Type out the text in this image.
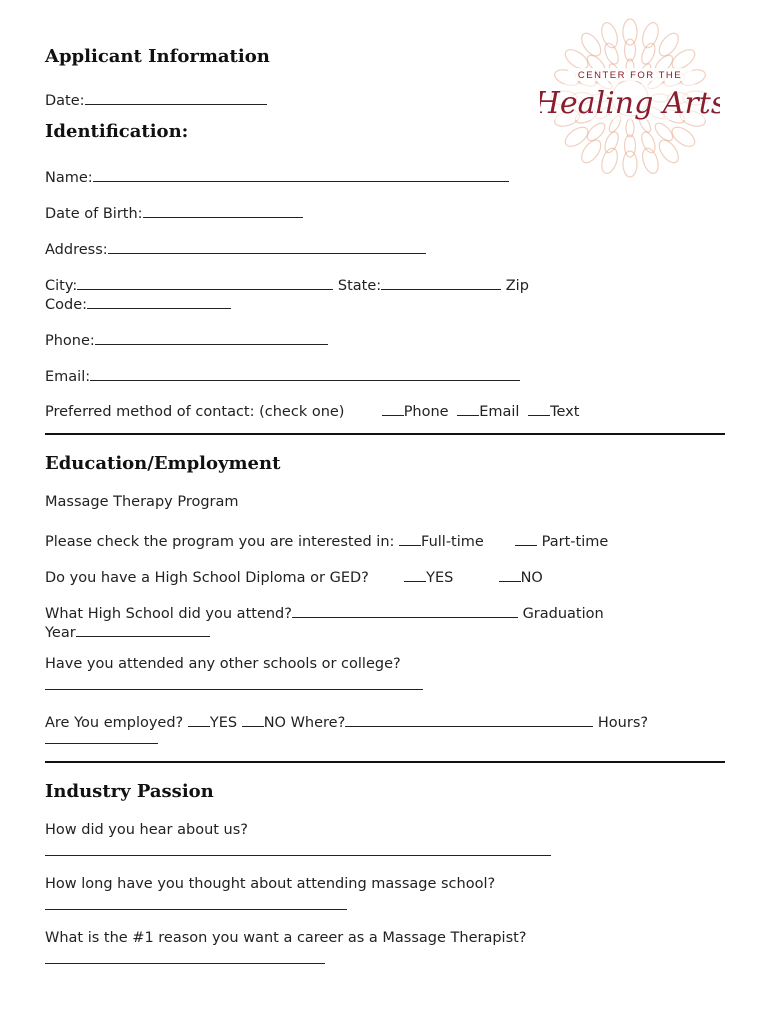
CENTER FOR THE
Healing Arts
Applicant Information
Date:
Identification:
Name:
Date of Birth:
Address:
City:	State:	Zip
Code:
Phone:
Email:
Preferred method of contact: (check one)	Phone Email Text
Education/Employment
Massage Therapy Program
Please check the program you are interested in: Full-time	Part-time
Do you have a High School Diploma or GED?	YES	NO
What High School did you attend?	Graduation
Year
Have you attended any other schools or college?
Are You employed? YES NO Where?	Hours?
Industry Passion
How did you hear about us?
How long have you thought about attending massage school?
What is the #1 reason you want a career as a Massage Therapist?
